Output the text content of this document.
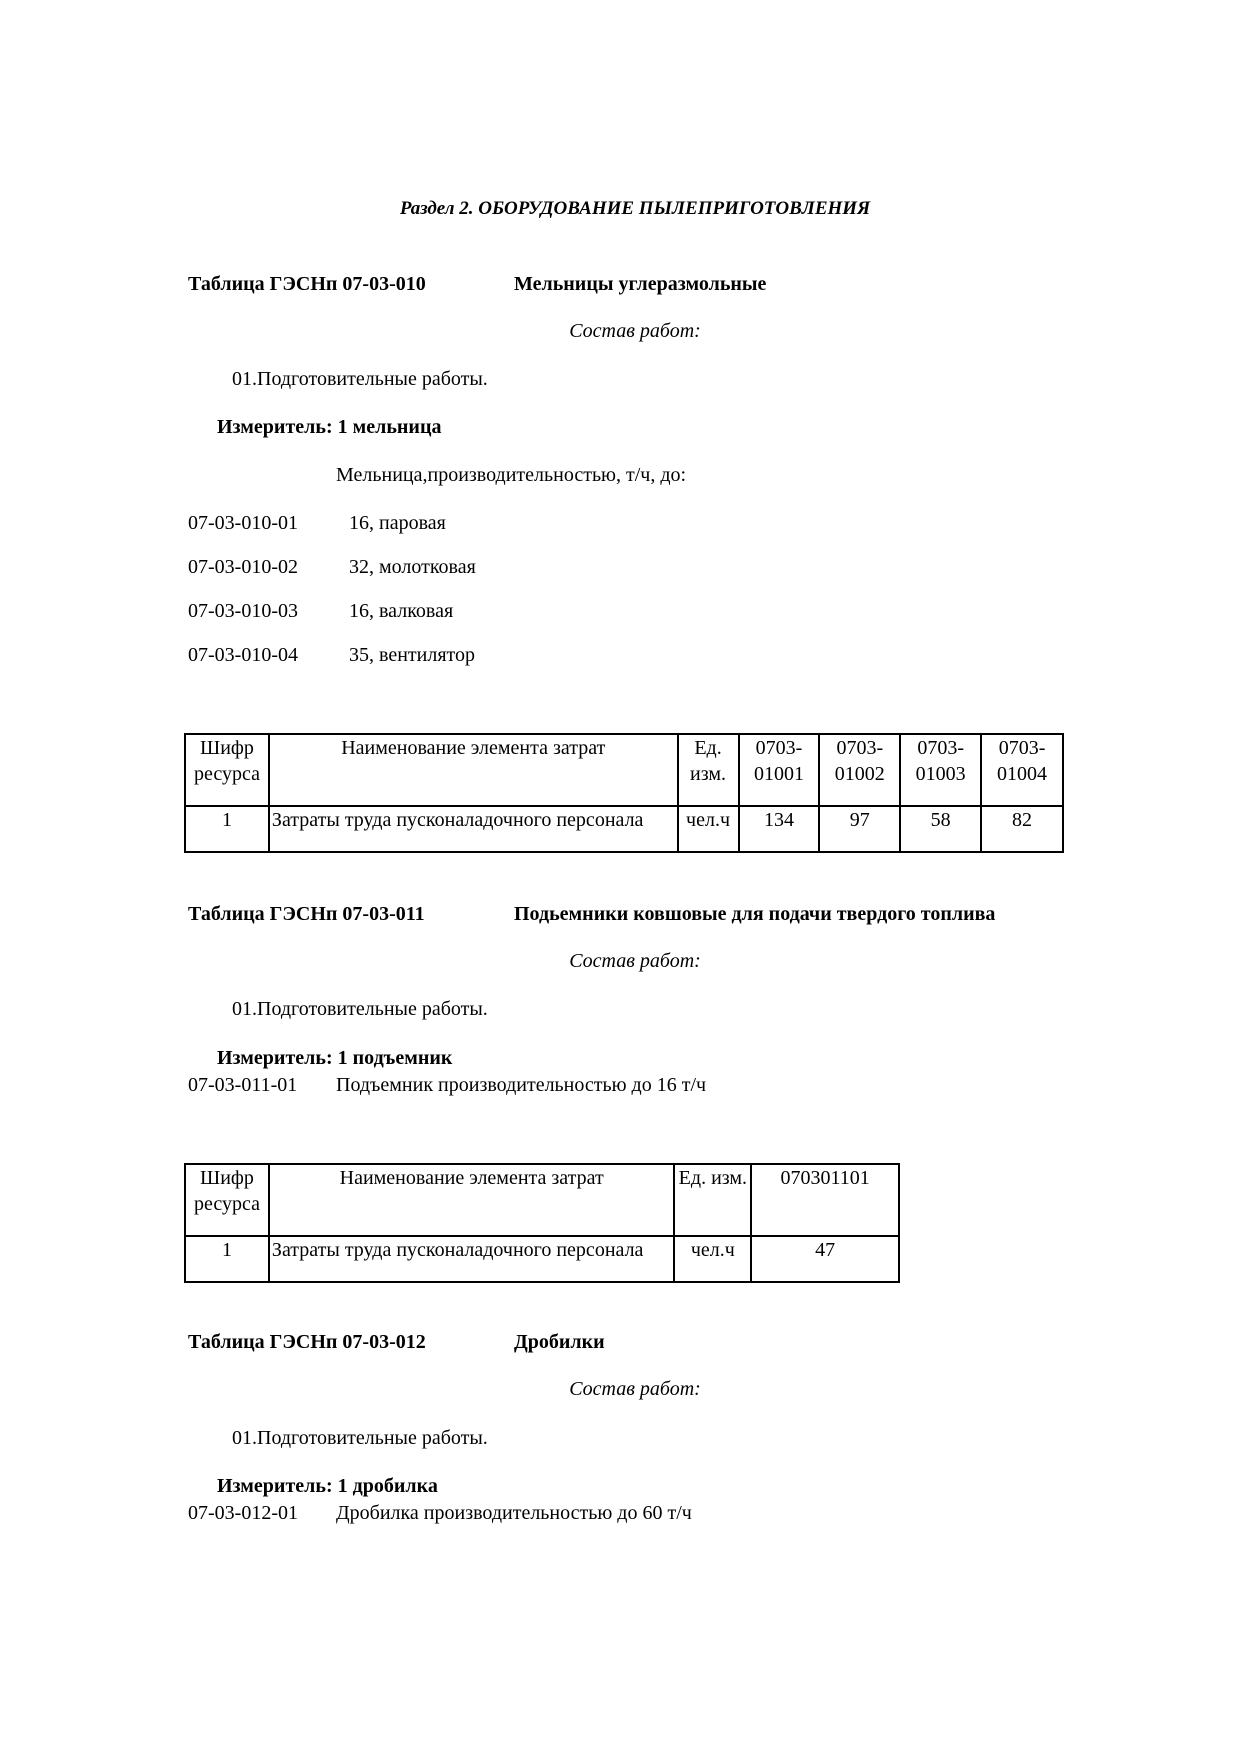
Раздел 2. ОБОРУДОВАНИЕ ПЫЛЕПРИГОТОВЛЕНИЯ
Таблица ГЭСНп 07-03-010	Мельницы углеразмольные
Состав работ:
01.Подготовительные работы.
Измеритель: 1 мельница
Мельница,производительностью, т/ч, до:
07-03-010-01	16, паровая
07-03-010-02	32, молотковая
07-03-010-03	16, валковая
07-03-010-04	35, вентилятор
Шифр ресурса	Наименование элемента затрат	Ед. изм.	0703-01001	0703-01002	0703-01003	0703-01004
1	Затраты труда пусконаладочного персонала	чел.ч	134	97	58	82
Таблица ГЭСНп 07-03-011	Подьемники ковшовые для подачи твердого топлива
Состав работ:
01.Подготовительные работы.
Измеритель: 1 подъемник
07-03-011-01 Подъемник производительностью до 16 т/ч
Шифр ресурса	Наименование элемента затрат	Ед. изм.	070301101
1	Затраты труда пусконаладочного персонала	чел.ч	47
Таблица ГЭСНп 07-03-012	Дробилки
Состав работ:
01.Подготовительные работы.
Измеритель: 1 дробилка
07-03-012-01 Дробилка производительностью до 60 т/ч
